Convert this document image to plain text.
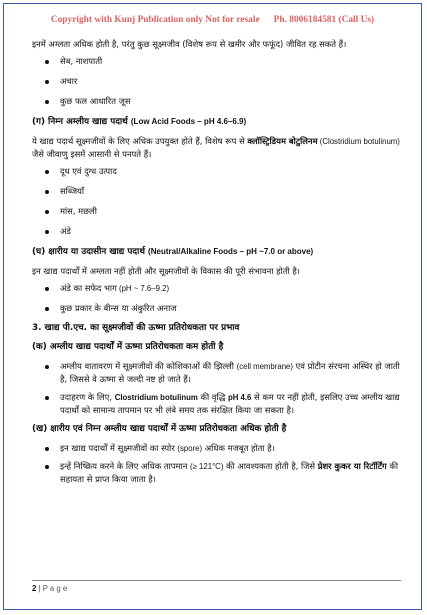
Copyright with Kunj Publication only Not for resale Ph. 8006184581 (Call Us)

इनमें अम्लता अधिक होती है, परंतु कुछ सूक्ष्मजीव (विशेष रूप से खमीर और फफूंद) जीवित रह सकते हैं।

सेब, नाशपाती
अचार
कुछ फल आधारित जूस
(ग) निम्न अम्लीय खाद्य पदार्थ (Low Acid Foods – pH 4.6–6.9)

ये खाद्य पदार्थ सूक्ष्मजीवों के लिए अधिक उपयुक्त होते हैं, विशेष रूप से क्लॉस्ट्रिडियम बोटुलिनम (Clostridium botulinum) जैसे जीवाणु इसमें आसानी से पनपते हैं।

दूध एवं दुग्ध उत्पाद
सब्जियाँ
मांस, मछली
अंडे
(घ) क्षारीय या उदासीन खाद्य पदार्थ (Neutral/Alkaline Foods – pH ~7.0 or above)

इन खाद्य पदार्थों में अम्लता नहीं होती और सूक्ष्मजीवों के विकास की पूरी संभावना होती है।

अंडे का सफेद भाग (pH ~ 7.6–9.2)
कुछ प्रकार के बीन्स या अंकुरित अनाज
3. खाद्य पी.एच. का सूक्ष्मजीवों की ऊष्मा प्रतिरोधकता पर प्रभाव
(क) अम्लीय खाद्य पदार्थों में ऊष्मा प्रतिरोधकता कम होती है
अम्लीय वातावरण में सूक्ष्मजीवों की कोशिकाओं की झिल्ली (cell membrane) एवं प्रोटीन संरचना अस्थिर हो जाती है, जिससे वे ऊष्मा से जल्दी नष्ट हो जाते हैं।
उदाहरण के लिए, Clostridium botulinum की वृद्धि pH 4.6 से कम पर नहीं होती, इसलिए उच्च अम्लीय खाद्य पदार्थों को सामान्य तापमान पर भी लंबे समय तक संरक्षित किया जा सकता है।
(ख) क्षारीय एवं निम्न अम्लीय खाद्य पदार्थों में ऊष्मा प्रतिरोधकता अधिक होती है
इन खाद्य पदार्थों में सूक्ष्मजीवों का स्पोर (spore) अधिक मजबूत होता है।
इन्हें निष्क्रिय करने के लिए अधिक तापमान (≥ 121°C) की आवश्यकता होती है, जिसे प्रेशर कुकर या रिटॉर्टिंग की सहायता से प्राप्त किया जाता है।
2 | P a g e
